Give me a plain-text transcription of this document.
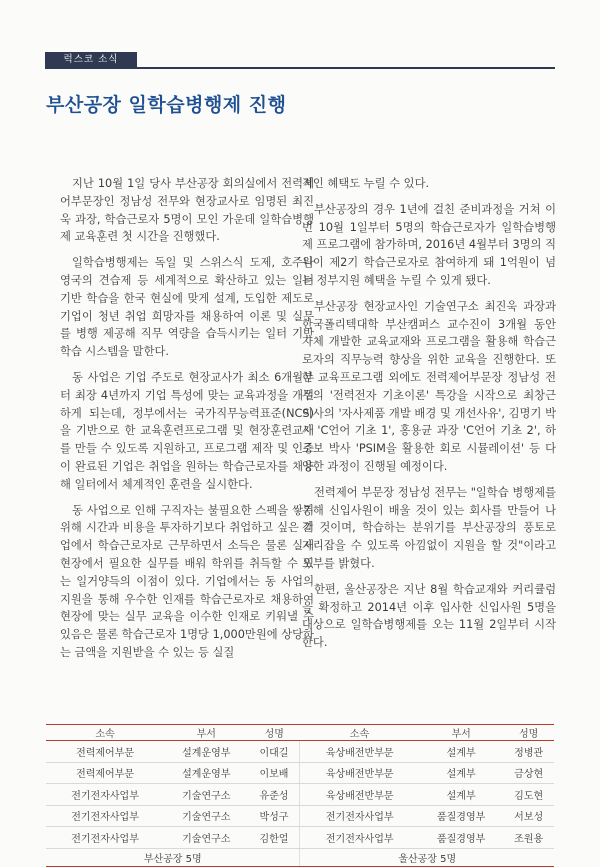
럭스코 소식
부산공장 일학습병행제 진행

지난 10월 1일 당사 부산공장 회의실에서 전력제어부문장인 정남성 전무와 현장교사로 임명된 최진욱 과장, 학습근로자 5명이 모인 가운데 일학습병행제 교육훈련 첫 시간을 진행했다.

일학습병행제는 독일 및 스위스식 도제, 호주나 영국의 견습제 등 세계적으로 확산하고 있는 일터 기반 학습을 한국 현실에 맞게 설계, 도입한 제도로 기업이 청년 취업 희망자를 채용하여 이론 및 실무를 병행 제공해 직무 역량을 습득시키는 일터 기반 학습 시스템을 말한다.

동 사업은 기업 주도로 현장교사가 최소 6개월부터 최장 4년까지 기업 특성에 맞는 교육과정을 개설하게 되는데, 정부에서는 국가직무능력표준(NCS)을 기반으로 한 교육훈련프로그램 및 현장훈련교재를 만들 수 있도록 지원하고, 프로그램 제작 및 인증이 완료된 기업은 취업을 원하는 학습근로자를 채용해 일터에서 체계적인 훈련을 실시한다.

동 사업으로 인해 구직자는 불필요한 스펙을 쌓기 위해 시간과 비용을 투자하기보다 취업하고 싶은 기업에서 학습근로자로 근무하면서 소득은 물론 실제 현장에서 필요한 실무를 배워 학위를 취득할 수 있는 일거양득의 이점이 있다. 기업에서는 동 사업의 지원을 통해 우수한 인재를 학습근로자로 채용하여 현장에 맞는 실무 교육을 이수한 인재로 키워낼 수 있음은 물론 학습근로자 1명당 1,000만원에 상당하는 금액을 지원받을 수 있는 등 실질

적인 혜택도 누릴 수 있다.

부산공장의 경우 1년에 걸친 준비과정을 거쳐 이번 10월 1일부터 5명의 학습근로자가 일학습병행제 프로그램에 참가하며, 2016년 4월부터 3명의 직원이 제2기 학습근로자로 참여하게 돼 1억원이 넘는 정부지원 혜택을 누릴 수 있게 됐다.

부산공장 현장교사인 기술연구소 최진욱 과장과 한국폴리텍대학 부산캠퍼스 교수진이 3개월 동안 자체 개발한 교육교재와 프로그램을 활용해 학습근로자의 직무능력 향상을 위한 교육을 진행한다. 또한 교육프로그램 외에도 전력제어부문장 정남성 전무의 '전력전자 기초이론' 특강을 시작으로 최창근 이사의 '자사제품 개발 배경 및 개선사유', 김명기 박사 'C언어 기초 1', 홍용균 과장 'C언어 기초 2', 하조보 박사 'PSIM을 활용한 회로 시뮬레이션' 등 다양한 과정이 진행될 예정이다.

전력제어 부문장 정남성 전무는 "일학습 병행제를 통해 신입사원이 배울 것이 있는 회사를 만들어 나갈 것이며, 학습하는 분위기를 부산공장의 풍토로 자리잡을 수 있도록 아낌없이 지원을 할 것"이라고 포부를 밝혔다.

한편, 울산공장은 지난 8월 학습교재와 커리큘럼을 확정하고 2014년 이후 입사한 신입사원 5명을 대상으로 일학습병행제를 오는 11월 2일부터 시작한다.

소속	부서	성명	소속	부서	성명
전력제어부문	설계운영부	이대길	육상배전반부문	설계부	정병관
전력제어부문	설계운영부	이보배	육상배전반부문	설계부	금상현
전기전자사업부	기술연구소	유준성	육상배전반부문	설계부	김도현
전기전자사업부	기술연구소	박성구	전기전자사업부	품질경영부	서보성
전기전자사업부	기술연구소	김한얼	전기전자사업부	품질경영부	조원용
부산공장 5명			울산공장 5명		
